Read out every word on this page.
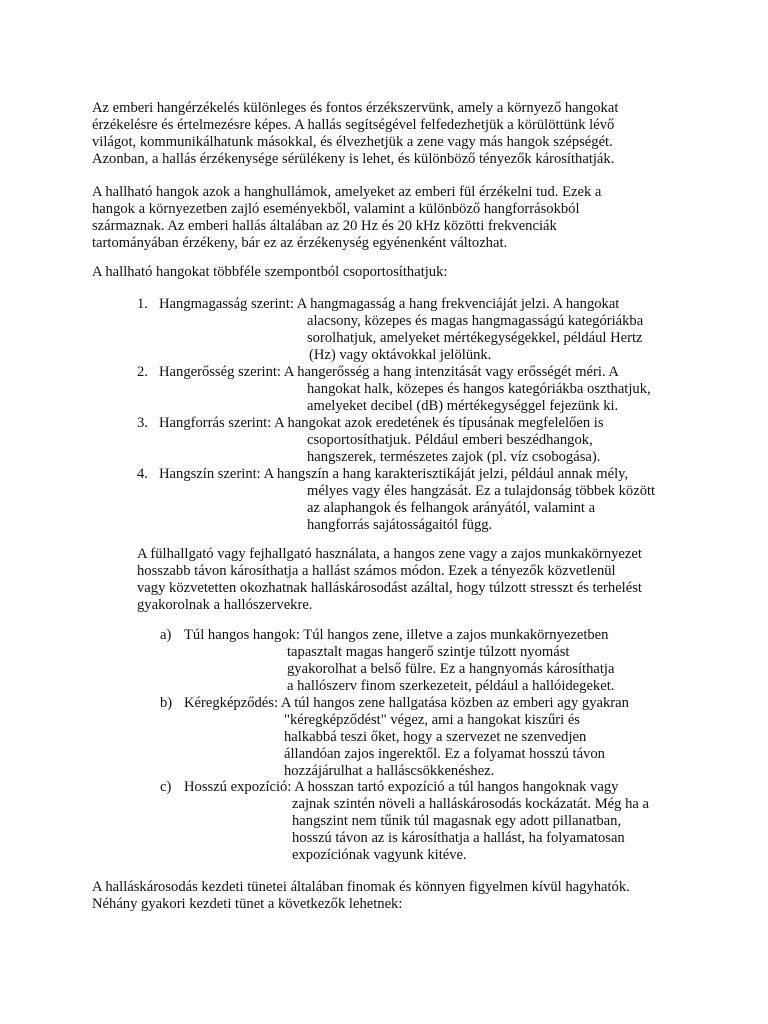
Az emberi hangérzékelés különleges és fontos érzékszervünk, amely a környező hangokat
érzékelésre és értelmezésre képes. A hallás segítségével felfedezhetjük a körülöttünk lévő
világot, kommunikálhatunk másokkal, és élvezhetjük a zene vagy más hangok szépségét.
Azonban, a hallás érzékenysége sérülékeny is lehet, és különböző tényezők károsíthatják.

A hallható hangok azok a hanghullámok, amelyeket az emberi fül érzékelni tud. Ezek a
hangok a környezetben zajló eseményekből, valamint a különböző hangforrásokból
származnak. Az emberi hallás általában az 20 Hz és 20 kHz közötti frekvenciák
tartományában érzékeny, bár ez az érzékenység egyénenként változhat.

A hallható hangokat többféle szempontból csoportosíthatjuk:

1. Hangmagasság szerint: A hangmagasság a hang frekvenciáját jelzi. A hangokat
alacsony, közepes és magas hangmagasságú kategóriákba
sorolhatjuk, amelyeket mértékegységekkel, például Hertz
(Hz) vagy oktávokkal jelölünk.
2. Hangerősség szerint: A hangerősség a hang intenzitását vagy erősségét méri. A
hangokat halk, közepes és hangos kategóriákba oszthatjuk,
amelyeket decibel (dB) mértékegységgel fejezünk ki.
3. Hangforrás szerint: A hangokat azok eredetének és típusának megfelelően is
csoportosíthatjuk. Például emberi beszédhangok,
hangszerek, természetes zajok (pl. víz csobogása).
4. Hangszín szerint: A hangszín a hang karakterisztikáját jelzi, például annak mély,
mélyes vagy éles hangzását. Ez a tulajdonság többek között
az alaphangok és felhangok arányától, valamint a
hangforrás sajátosságaitól függ.

A fülhallgató vagy fejhallgató használata, a hangos zene vagy a zajos munkakörnyezet
hosszabb távon károsíthatja a hallást számos módon. Ezek a tényezők közvetlenül
vagy közvetetten okozhatnak halláskárosodást azáltal, hogy túlzott stresszt és terhelést
gyakorolnak a hallószervekre.

a) Túl hangos hangok: Túl hangos zene, illetve a zajos munkakörnyezetben
tapasztalt magas hangerő szintje túlzott nyomást
gyakorolhat a belső fülre. Ez a hangnyomás károsíthatja
a hallószerv finom szerkezeteit, például a hallóidegeket.
b) Kéregképződés: A túl hangos zene hallgatása közben az emberi agy gyakran
"kéregképződést" végez, ami a hangokat kiszűri és
halkabbá teszi őket, hogy a szervezet ne szenvedjen
állandóan zajos ingerektől. Ez a folyamat hosszú távon
hozzájárulhat a halláscsökkenéshez.
c) Hosszú expozíció: A hosszan tartó expozíció a túl hangos hangoknak vagy
zajnak szintén növeli a halláskárosodás kockázatát. Még ha a
hangszint nem tűnik túl magasnak egy adott pillanatban,
hosszú távon az is károsíthatja a hallást, ha folyamatosan
expozíciónak vagyunk kitéve.

A halláskárosodás kezdeti tünetei általában finomak és könnyen figyelmen kívül hagyhatók.
Néhány gyakori kezdeti tünet a következők lehetnek:
